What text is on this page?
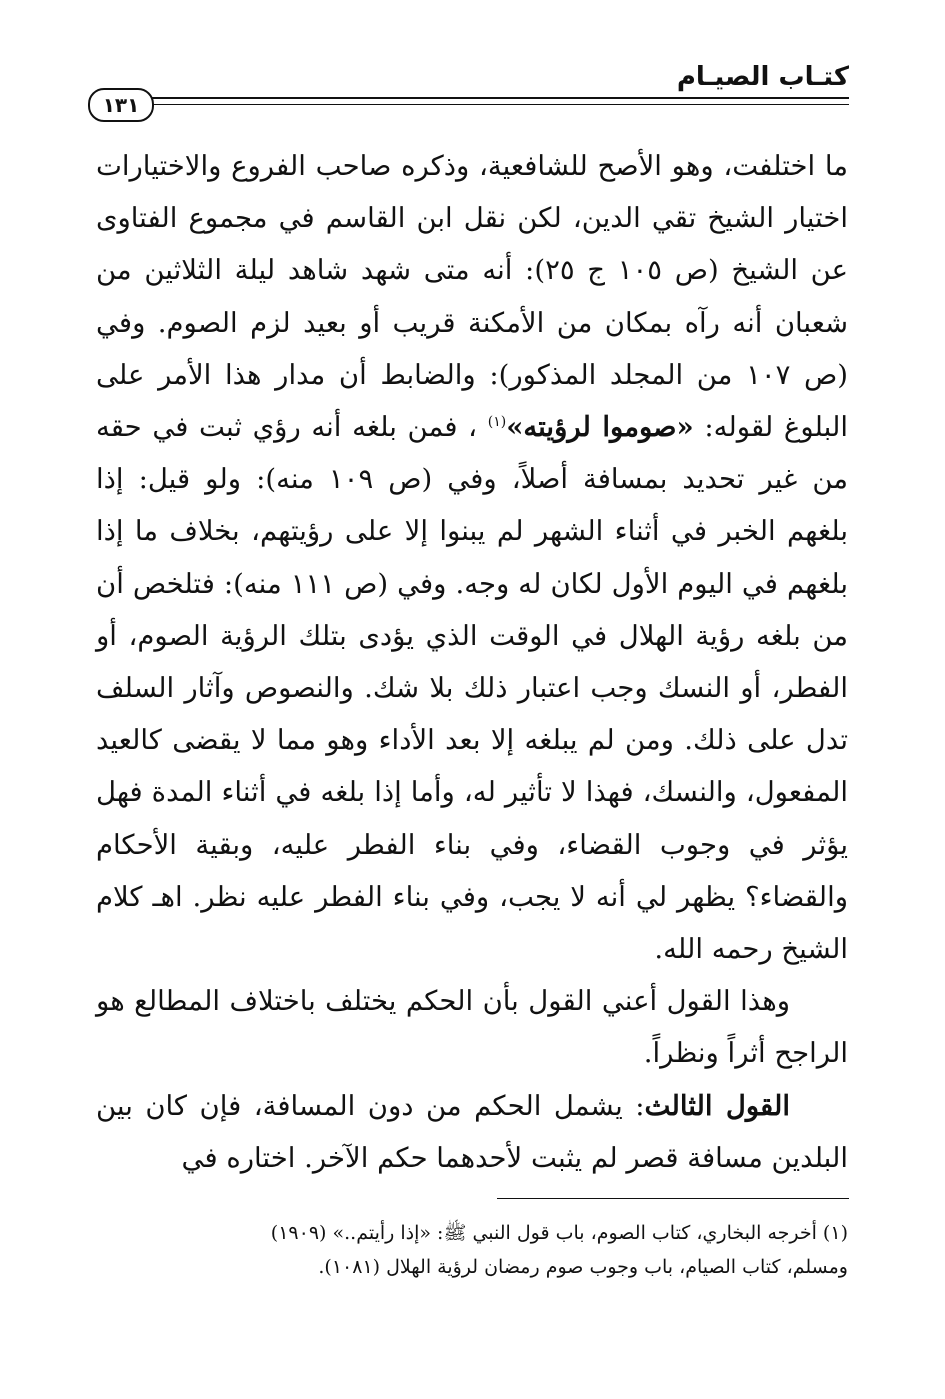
كتـاب الصيـام
١٣١

ما اختلفت، وهو الأصح للشافعية، وذكره صاحب الفروع والاختيارات اختيار الشيخ تقي الدين، لكن نقل ابن القاسم في مجموع الفتاوى عن الشيخ (ص ١٠٥ ج ٢٥): أنه متى شهد شاهد ليلة الثلاثين من شعبان أنه رآه بمكان من الأمكنة قريب أو بعيد لزم الصوم. وفي (ص ١٠٧ من المجلد المذكور): والضابط أن مدار هذا الأمر على البلوغ لقوله: «صوموا لرؤيته»$^{(١)}$ ، فمن بلغه أنه رؤي ثبت في حقه من غير تحديد بمسافة أصلاً، وفي (ص ١٠٩ منه): ولو قيل: إذا بلغهم الخبر في أثناء الشهر لم يبنوا إلا على رؤيتهم، بخلاف ما إذا بلغهم في اليوم الأول لكان له وجه. وفي (ص ١١١ منه): فتلخص أن من بلغه رؤية الهلال في الوقت الذي يؤدى بتلك الرؤية الصوم، أو الفطر، أو النسك وجب اعتبار ذلك بلا شك. والنصوص وآثار السلف تدل على ذلك. ومن لم يبلغه إلا بعد الأداء وهو مما لا يقضى كالعيد المفعول، والنسك، فهذا لا تأثير له، وأما إذا بلغه في أثناء المدة فهل يؤثر في وجوب القضاء، وفي بناء الفطر عليه، وبقية الأحكام والقضاء؟ يظهر لي أنه لا يجب، وفي بناء الفطر عليه نظر. اهـ كلام الشيخ رحمه الله.

وهذا القول أعني القول بأن الحكم يختلف باختلاف المطالع هو الراجح أثراً ونظراً.

القول الثالث: يشمل الحكم من دون المسافة، فإن كان بين البلدين مسافة قصر لم يثبت لأحدهما حكم الآخر. اختاره في

(١) أخرجه البخاري، كتاب الصوم، باب قول النبي ﷺ: «إذا رأيتم..» (١٩٠٩)

ومسلم، كتاب الصيام، باب وجوب صوم رمضان لرؤية الهلال (١٠٨١).
